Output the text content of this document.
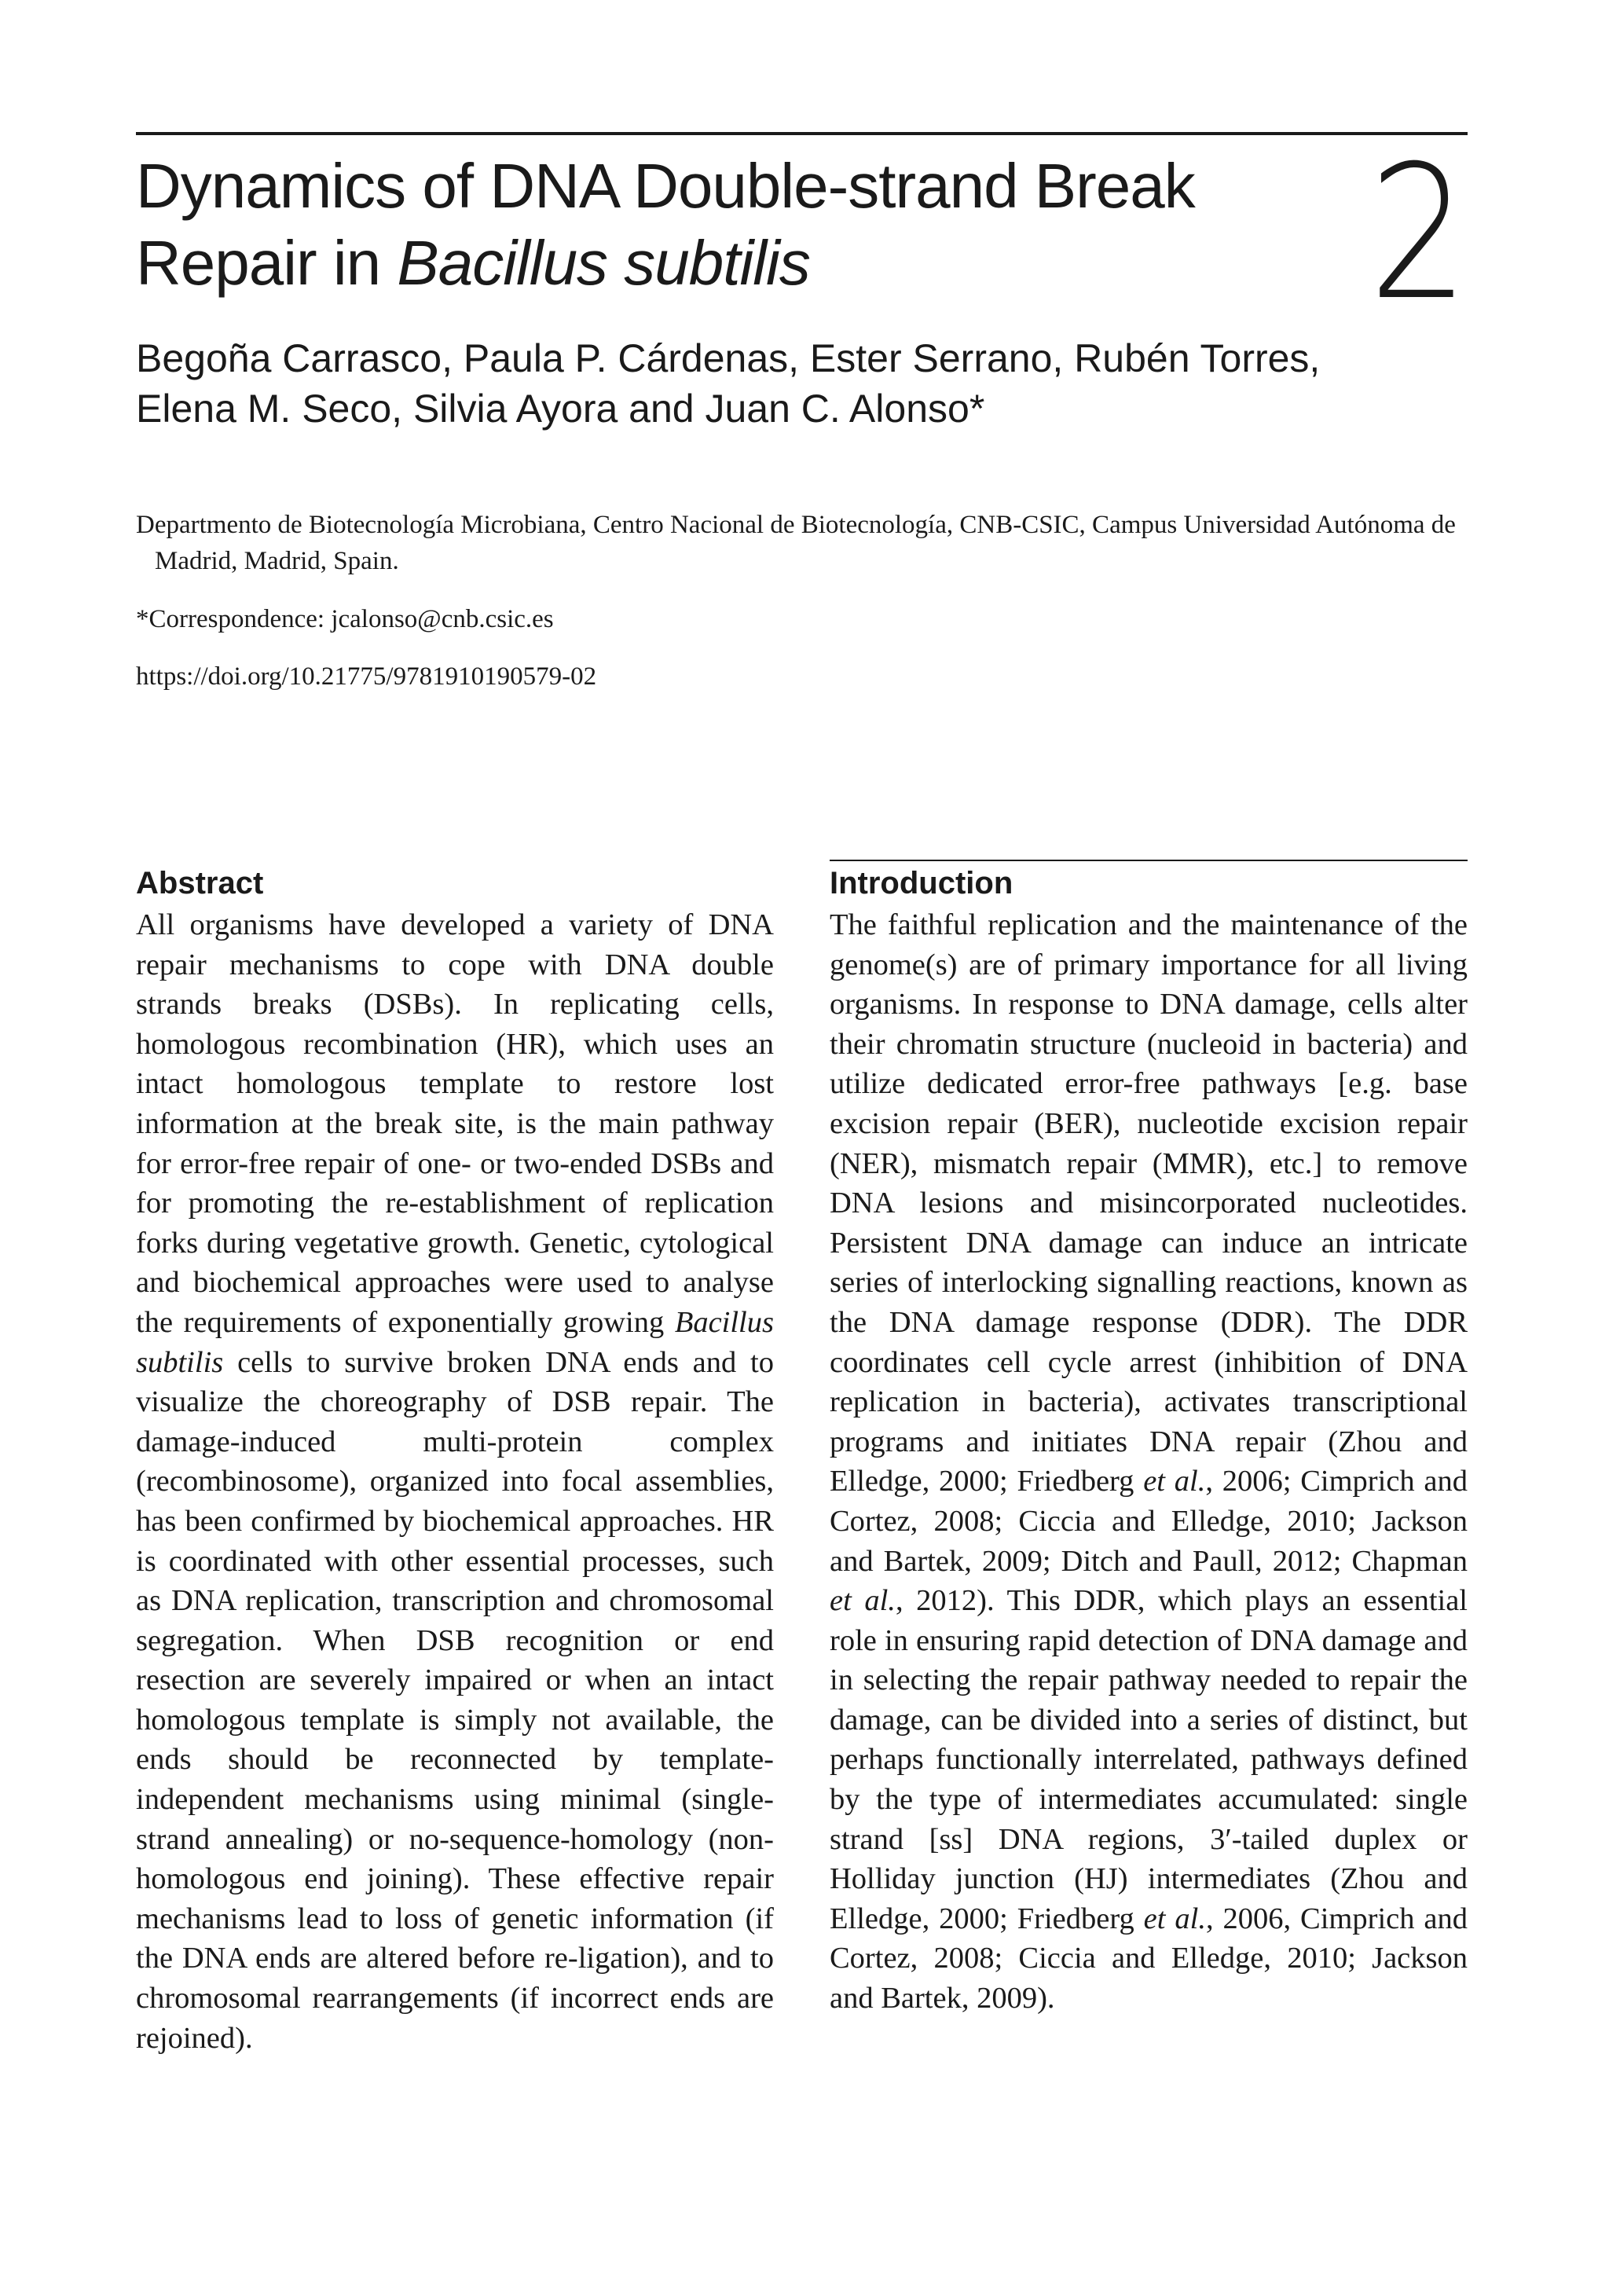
Dynamics of DNA Double-strand Break
Repair in Bacillus subtilis	2
Begoña Carrasco, Paula P. Cárdenas, Ester Serrano, Rubén Torres,
Elena M. Seco, Silvia Ayora and Juan C. Alonso*
Departmento de Biotecnología Microbiana, Centro Nacional de Biotecnología, CNB-CSIC, Campus Universidad Autónoma de Madrid, Madrid, Spain.
*Correspondence: jcalonso@cnb.csic.es
https://doi.org/10.21775/9781910190579-02
Abstract

All organisms have developed a variety of DNA repair mechanisms to cope with DNA double strands breaks (DSBs). In replicating cells, homologous recombination (HR), which uses an intact homologous template to restore lost information at the break site, is the main pathway for error-free repair of one- or two-ended DSBs and for promoting the re-establishment of replication forks during vegetative growth. Genetic, cytological and biochemical approaches were used to analyse the requirements of exponentially growing Bacillus subtilis cells to survive broken DNA ends and to visualize the choreography of DSB repair. The damage-induced multi-protein complex (recombinosome), organized into focal assemblies, has been confirmed by biochemical approaches. HR is coordinated with other essential processes, such as DNA replication, transcription and chromosomal segregation. When DSB recognition or end resection are severely impaired or when an intact homologous template is simply not available, the ends should be reconnected by template-independent mechanisms using minimal (single-strand annealing) or no-sequence-homology (non-homologous end joining). These effective repair mechanisms lead to loss of genetic information (if the DNA ends are altered before re-ligation), and to chromosomal rearrangements (if incorrect ends are rejoined).

Introduction

The faithful replication and the maintenance of the genome(s) are of primary importance for all living organisms. In response to DNA damage, cells alter their chromatin structure (nucleoid in bacteria) and utilize dedicated error-free pathways [e.g. base excision repair (BER), nucleotide excision repair (NER), mismatch repair (MMR), etc.] to remove DNA lesions and misincorporated nucleotides. Persistent DNA damage can induce an intricate series of interlocking signalling reactions, known as the DNA damage response (DDR). The DDR coordinates cell cycle arrest (inhibition of DNA replication in bacteria), activates transcriptional programs and initiates DNA repair (Zhou and Elledge, 2000; Friedberg et al., 2006; Cimprich and Cortez, 2008; Ciccia and Elledge, 2010; Jackson and Bartek, 2009; Ditch and Paull, 2012; Chapman et al., 2012). This DDR, which plays an essential role in ensuring rapid detection of DNA damage and in selecting the repair pathway needed to repair the damage, can be divided into a series of distinct, but perhaps functionally interrelated, pathways defined by the type of intermediates accumulated: single strand [ss] DNA regions, 3′-tailed duplex or Holliday junction (HJ) intermediates (Zhou and Elledge, 2000; Friedberg et al., 2006, Cimprich and Cortez, 2008; Ciccia and Elledge, 2010; Jackson and Bartek, 2009).
